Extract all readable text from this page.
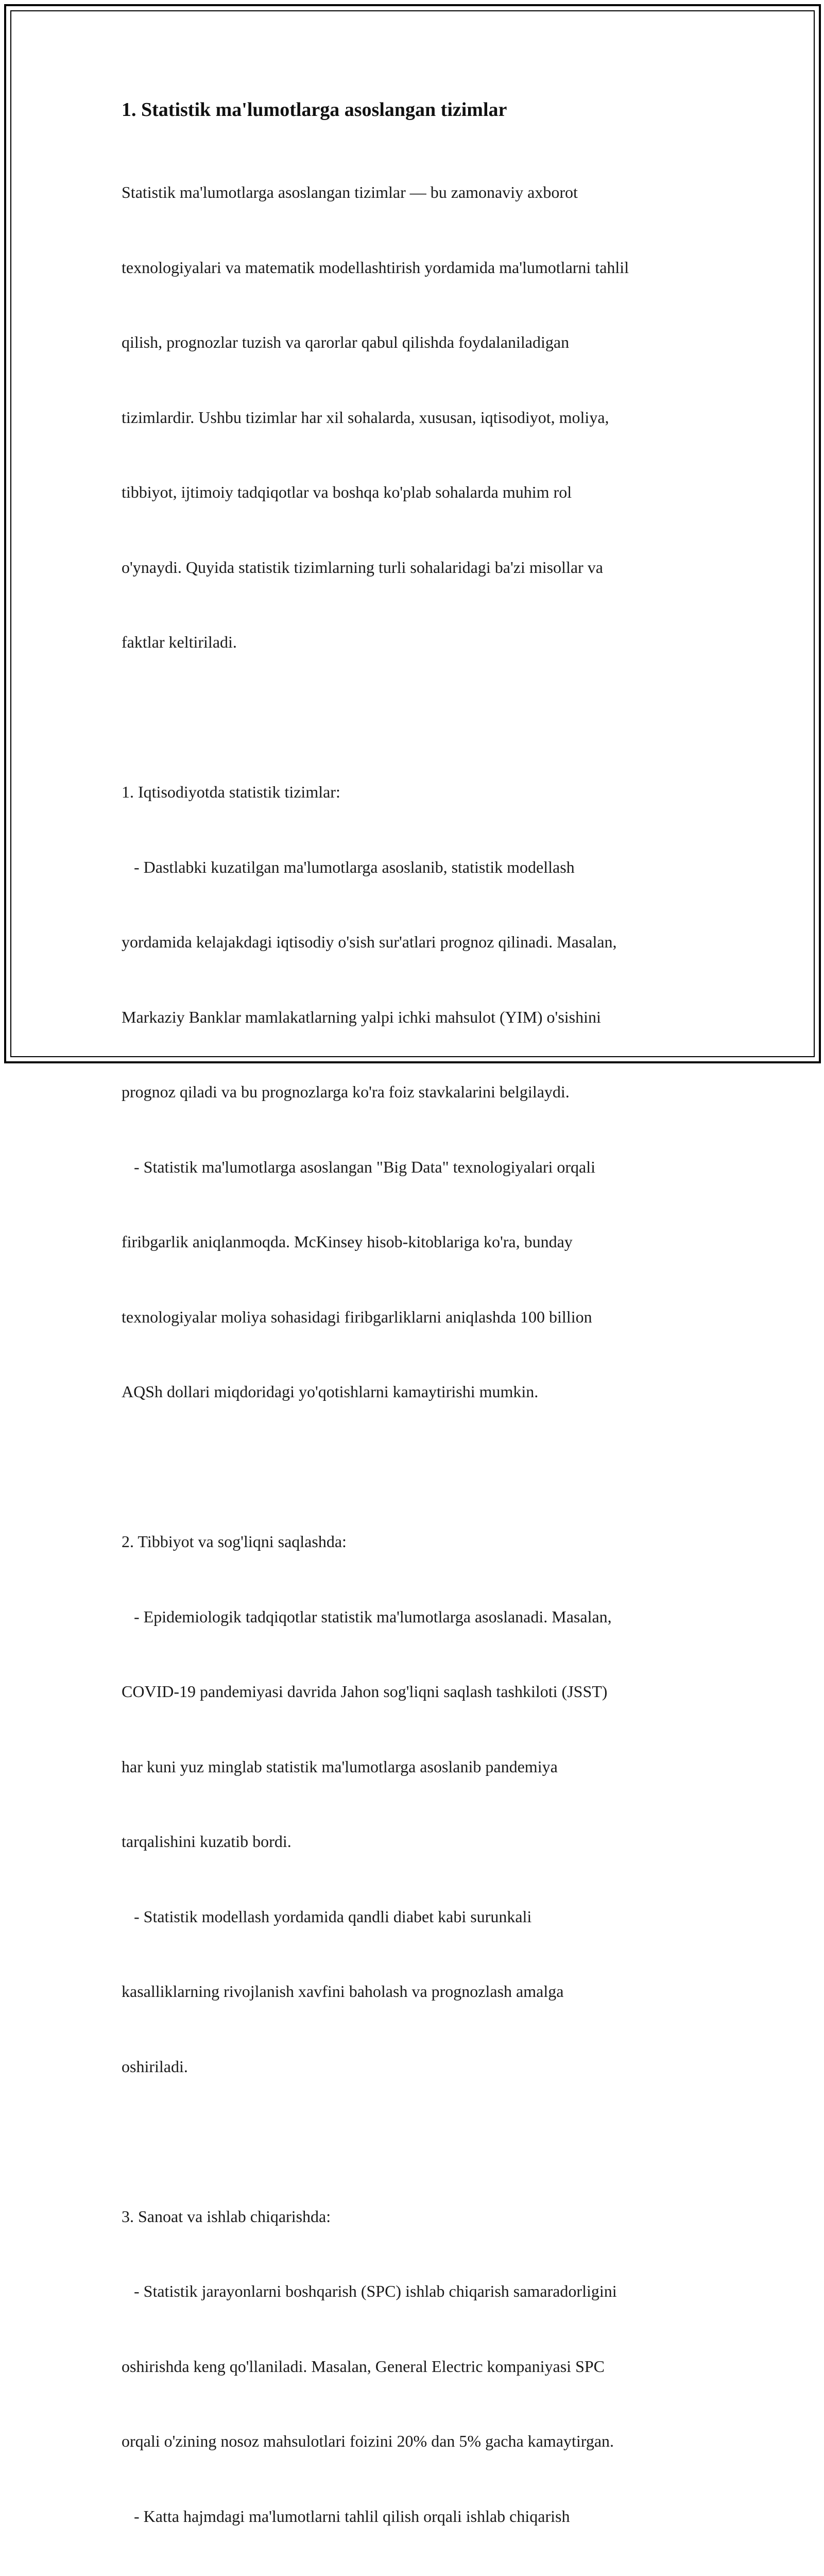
1. Statistik ma'lumotlarga asoslangan tizimlar

Statistik ma'lumotlarga asoslangan tizimlar — bu zamonaviy axborot

texnologiyalari va matematik modellashtirish yordamida ma'lumotlarni tahlil

qilish, prognozlar tuzish va qarorlar qabul qilishda foydalaniladigan

tizimlardir. Ushbu tizimlar har xil sohalarda, xususan, iqtisodiyot, moliya,

tibbiyot, ijtimoiy tadqiqotlar va boshqa ko'plab sohalarda muhim rol

o'ynaydi. Quyida statistik tizimlarning turli sohalaridagi ba'zi misollar va

faktlar keltiriladi.

1. Iqtisodiyotda statistik tizimlar:

- Dastlabki kuzatilgan ma'lumotlarga asoslanib, statistik modellash

yordamida kelajakdagi iqtisodiy o'sish sur'atlari prognoz qilinadi. Masalan,

Markaziy Banklar mamlakatlarning yalpi ichki mahsulot (YIM) o'sishini

prognoz qiladi va bu prognozlarga ko'ra foiz stavkalarini belgilaydi.

- Statistik ma'lumotlarga asoslangan "Big Data" texnologiyalari orqali

firibgarlik aniqlanmoqda. McKinsey hisob-kitoblariga ko'ra, bunday

texnologiyalar moliya sohasidagi firibgarliklarni aniqlashda 100 billion

AQSh dollari miqdoridagi yo'qotishlarni kamaytirishi mumkin.

2. Tibbiyot va sog'liqni saqlashda:

- Epidemiologik tadqiqotlar statistik ma'lumotlarga asoslanadi. Masalan,

COVID-19 pandemiyasi davrida Jahon sog'liqni saqlash tashkiloti (JSST)

har kuni yuz minglab statistik ma'lumotlarga asoslanib pandemiya

tarqalishini kuzatib bordi.

- Statistik modellash yordamida qandli diabet kabi surunkali

kasalliklarning rivojlanish xavfini baholash va prognozlash amalga

oshiriladi.

3. Sanoat va ishlab chiqarishda:

- Statistik jarayonlarni boshqarish (SPC) ishlab chiqarish samaradorligini

oshirishda keng qo'llaniladi. Masalan, General Electric kompaniyasi SPC

orqali o'zining nosoz mahsulotlari foizini 20% dan 5% gacha kamaytirgan.

- Katta hajmdagi ma'lumotlarni tahlil qilish orqali ishlab chiqarish
